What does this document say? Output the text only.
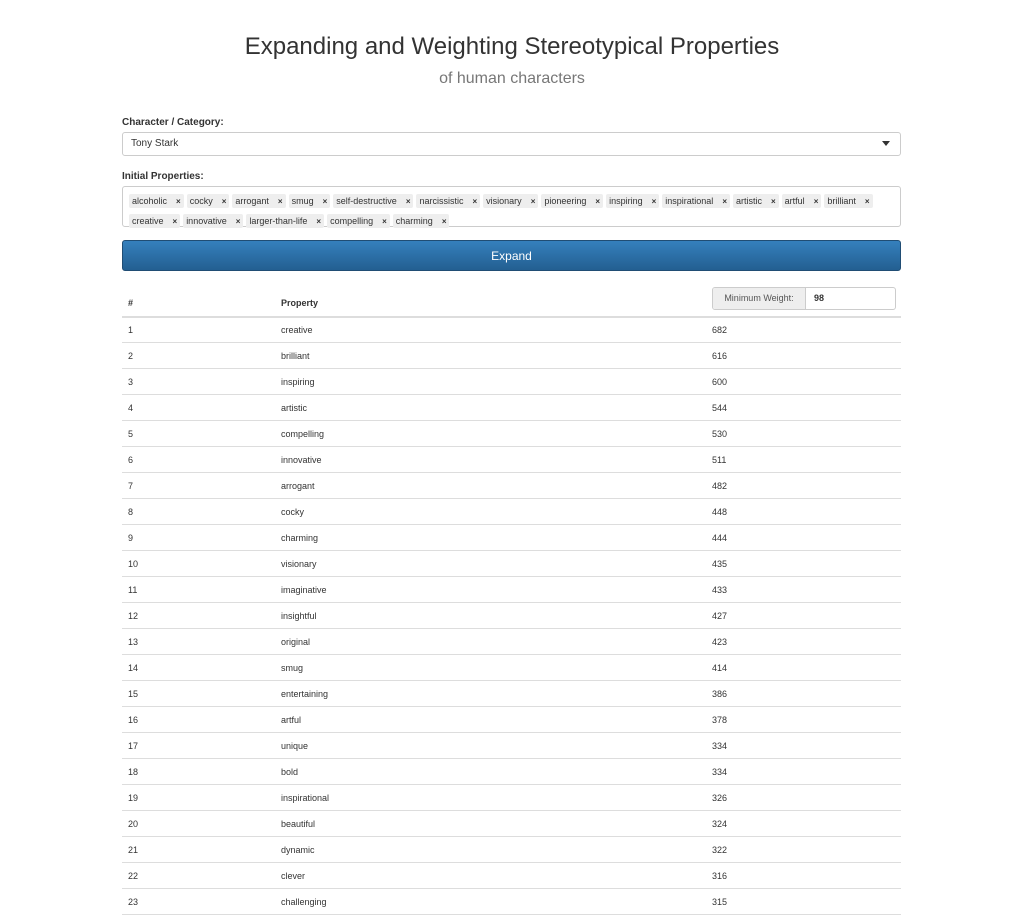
Expanding and Weighting Stereotypical Properties
of human characters
Character / Category:
Tony Stark
Initial Properties:
alcoholic × cocky × arrogant × smug × self-destructive × narcissistic × visionary × pioneering × inspiring × inspirational × artistic × artful × brilliant ×creative × innovative × larger-than-life × compelling × charming ×
Expand
#	Property	Minimum Weight:	98
1	creative	682
2	brilliant	616
3	inspiring	600
4	artistic	544
5	compelling	530
6	innovative	511
7	arrogant	482
8	cocky	448
9	charming	444
10	visionary	435
11	imaginative	433
12	insightful	427
13	original	423
14	smug	414
15	entertaining	386
16	artful	378
17	unique	334
18	bold	334
19	inspirational	326
20	beautiful	324
21	dynamic	322
22	clever	316
23	challenging	315
